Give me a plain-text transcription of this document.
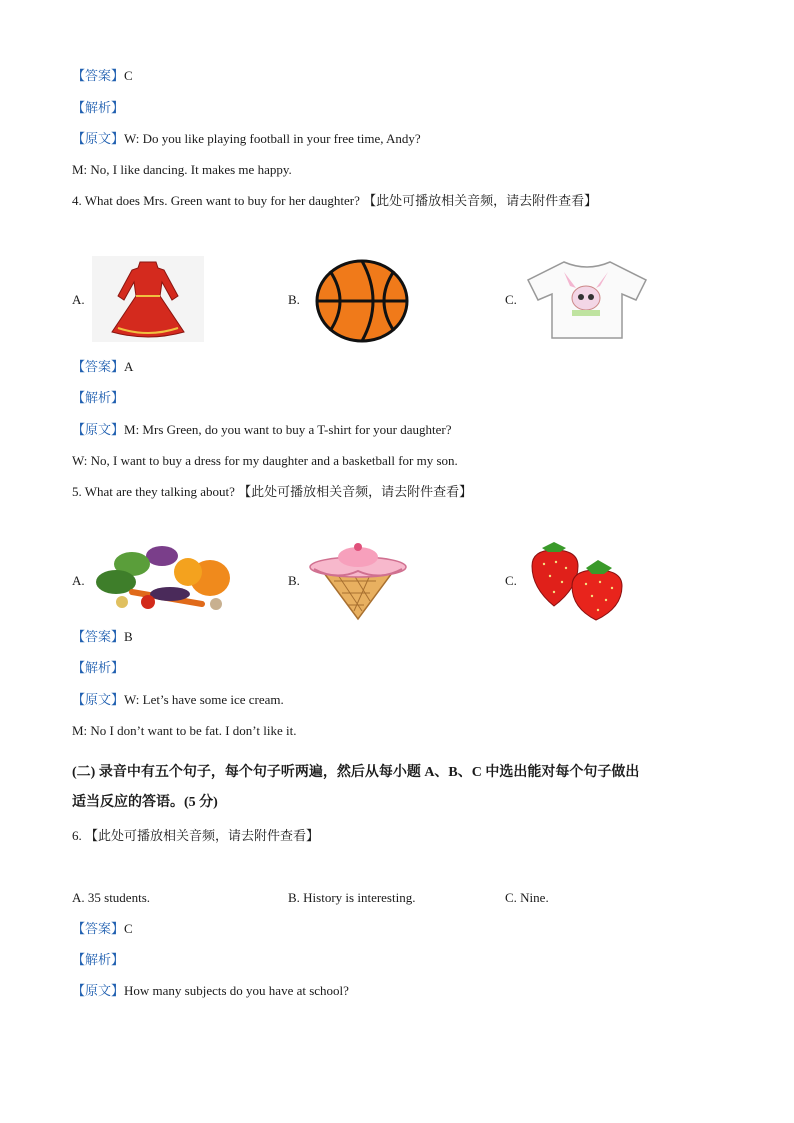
【答案】C
【解析】
【原文】W: Do you like playing football in your free time, Andy?
M: No, I like dancing. It makes me happy.
4. What does Mrs. Green want to buy for her daughter? 【此处可播放相关音频，请去附件查看】
A.	B.	C.
【答案】A
【解析】
【原文】M: Mrs Green, do you want to buy a T-shirt for your daughter?
W: No, I want to buy a dress for my daughter and a basketball for my son.
5. What are they talking about? 【此处可播放相关音频，请去附件查看】
A.	B.	C.
【答案】B
【解析】
【原文】W: Let’s have some ice cream.
M: No I don’t want to be fat. I don’t like it.
(二) 录音中有五个句子，每个句子听两遍，然后从每小题 A、B、C 中选出能对每个句子做出
适当反应的答语。(5 分)
6. 【此处可播放相关音频，请去附件查看】
A. 35 students.	B. History is interesting.	C. Nine.
【答案】C
【解析】
【原文】How many subjects do you have at school?
